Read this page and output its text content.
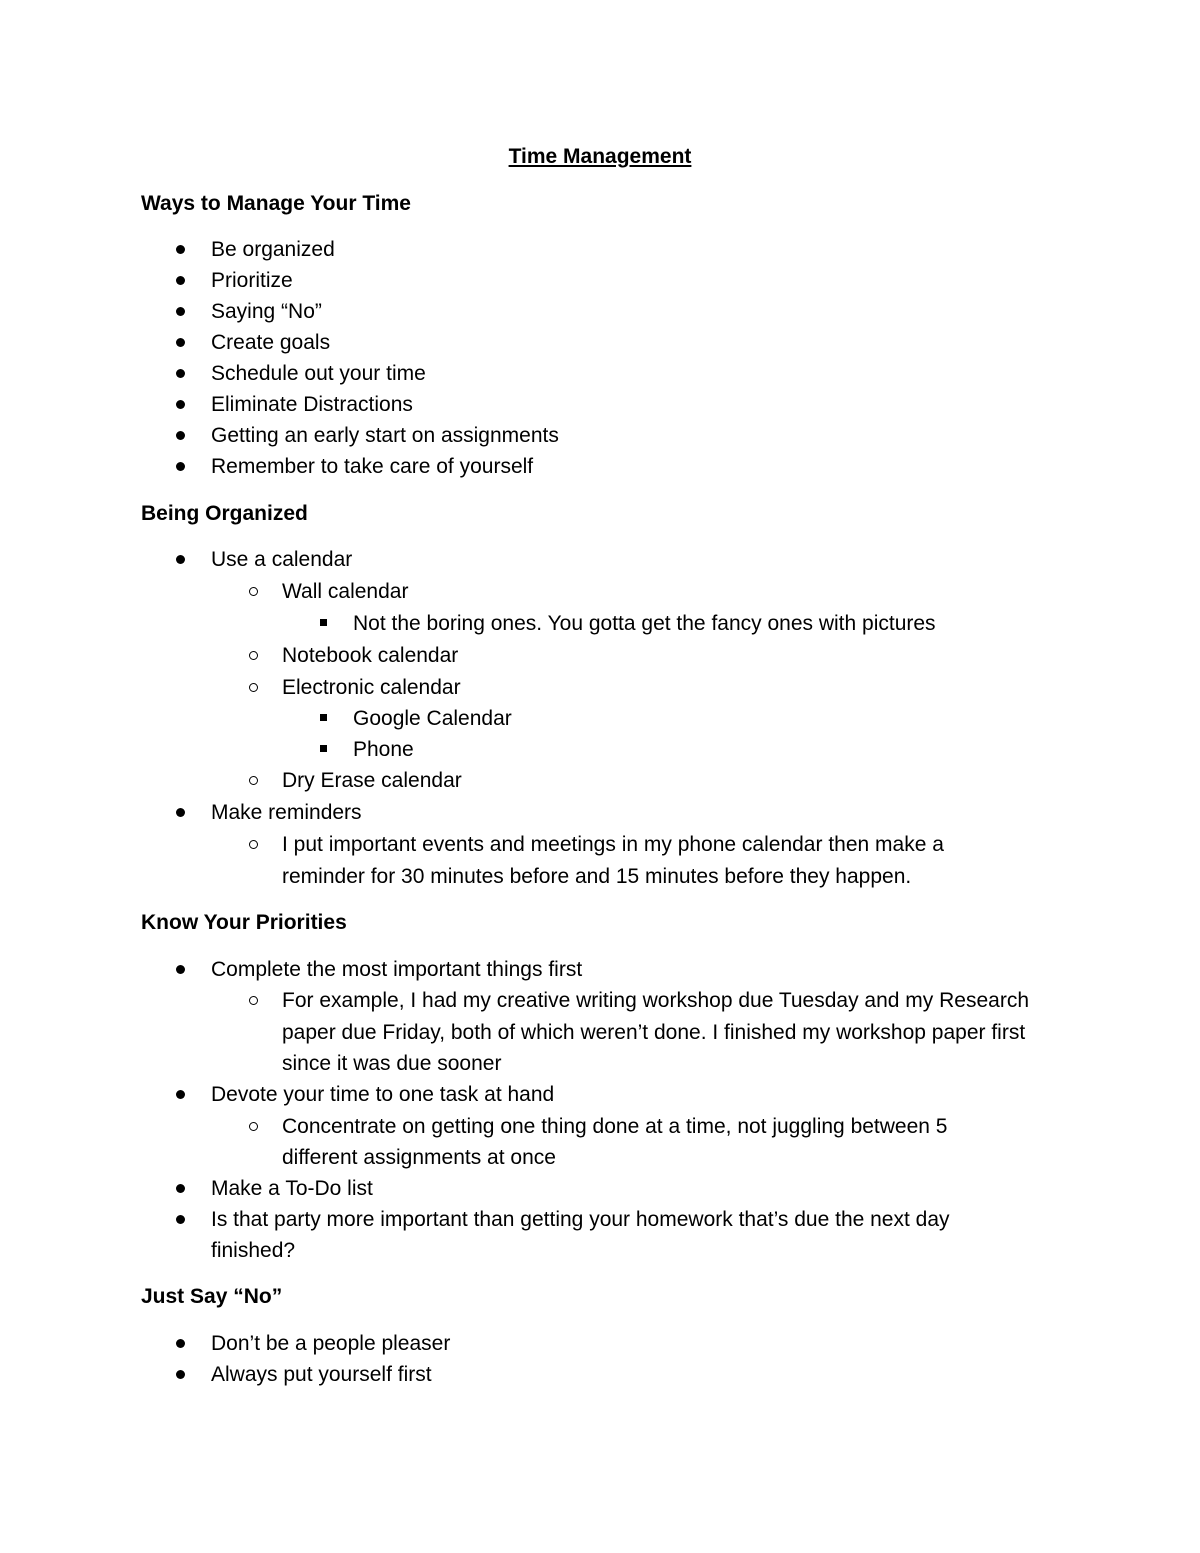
Time Management
Ways to Manage Your Time
Be organized
Prioritize
Saying “No”
Create goals
Schedule out your time
Eliminate Distractions
Getting an early start on assignments
Remember to take care of yourself
Being Organized
Use a calendar
Wall calendar
Not the boring ones. You gotta get the fancy ones with pictures
Notebook calendar
Electronic calendar
Google Calendar
Phone
Dry Erase calendar
Make reminders
I put important events and meetings in my phone calendar then make a
reminder for 30 minutes before and 15 minutes before they happen.
Know Your Priorities
Complete the most important things first
For example, I had my creative writing workshop due Tuesday and my Research
paper due Friday, both of which weren’t done. I finished my workshop paper first
since it was due sooner
Devote your time to one task at hand
Concentrate on getting one thing done at a time, not juggling between 5
different assignments at once
Make a To-Do list
Is that party more important than getting your homework that’s due the next day
finished?
Just Say “No”
Don’t be a people pleaser
Always put yourself first
